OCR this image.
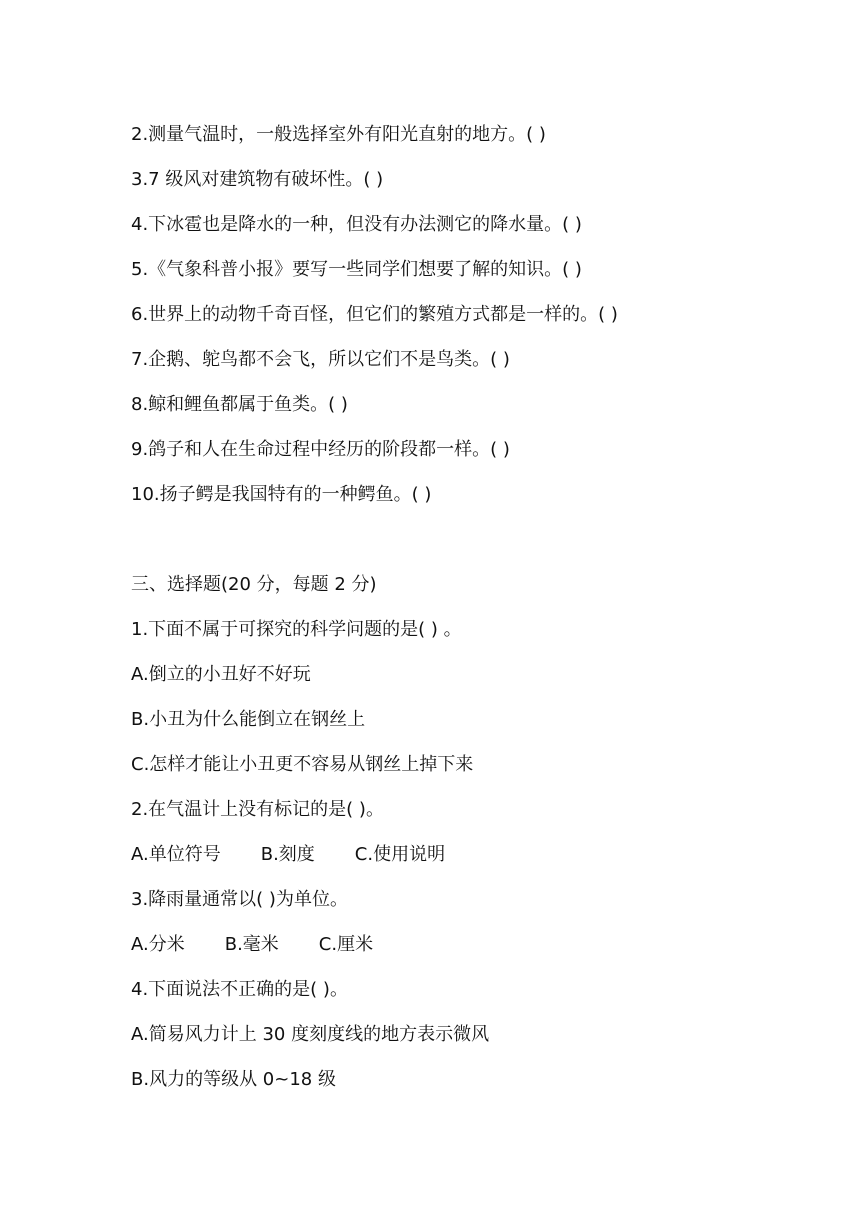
2.测量气温时，一般选择室外有阳光直射的地方。( )
3.7 级风对建筑物有破坏性。( )
4.下冰雹也是降水的一种，但没有办法测它的降水量。( )
5.《气象科普小报》要写一些同学们想要了解的知识。( )
6.世界上的动物千奇百怪，但它们的繁殖方式都是一样的。( )
7.企鹅、鸵鸟都不会飞，所以它们不是鸟类。( )
8.鲸和鲤鱼都属于鱼类。( )
9.鸽子和人在生命过程中经历的阶段都一样。( )
10.扬子鳄是我国特有的一种鳄鱼。( )
三、选择题(20 分，每题 2 分)
1.下面不属于可探究的科学问题的是( ) 。
A.倒立的小丑好不好玩
B.小丑为什么能倒立在钢丝上
C.怎样才能让小丑更不容易从钢丝上掉下来
2.在气温计上没有标记的是( )。
A.单位符号 B.刻度 C.使用说明
3.降雨量通常以( )为单位。
A.分米 B.毫米 C.厘米
4.下面说法不正确的是( )。
A.简易风力计上 30 度刻度线的地方表示微风
B.风力的等级从 0~18 级
